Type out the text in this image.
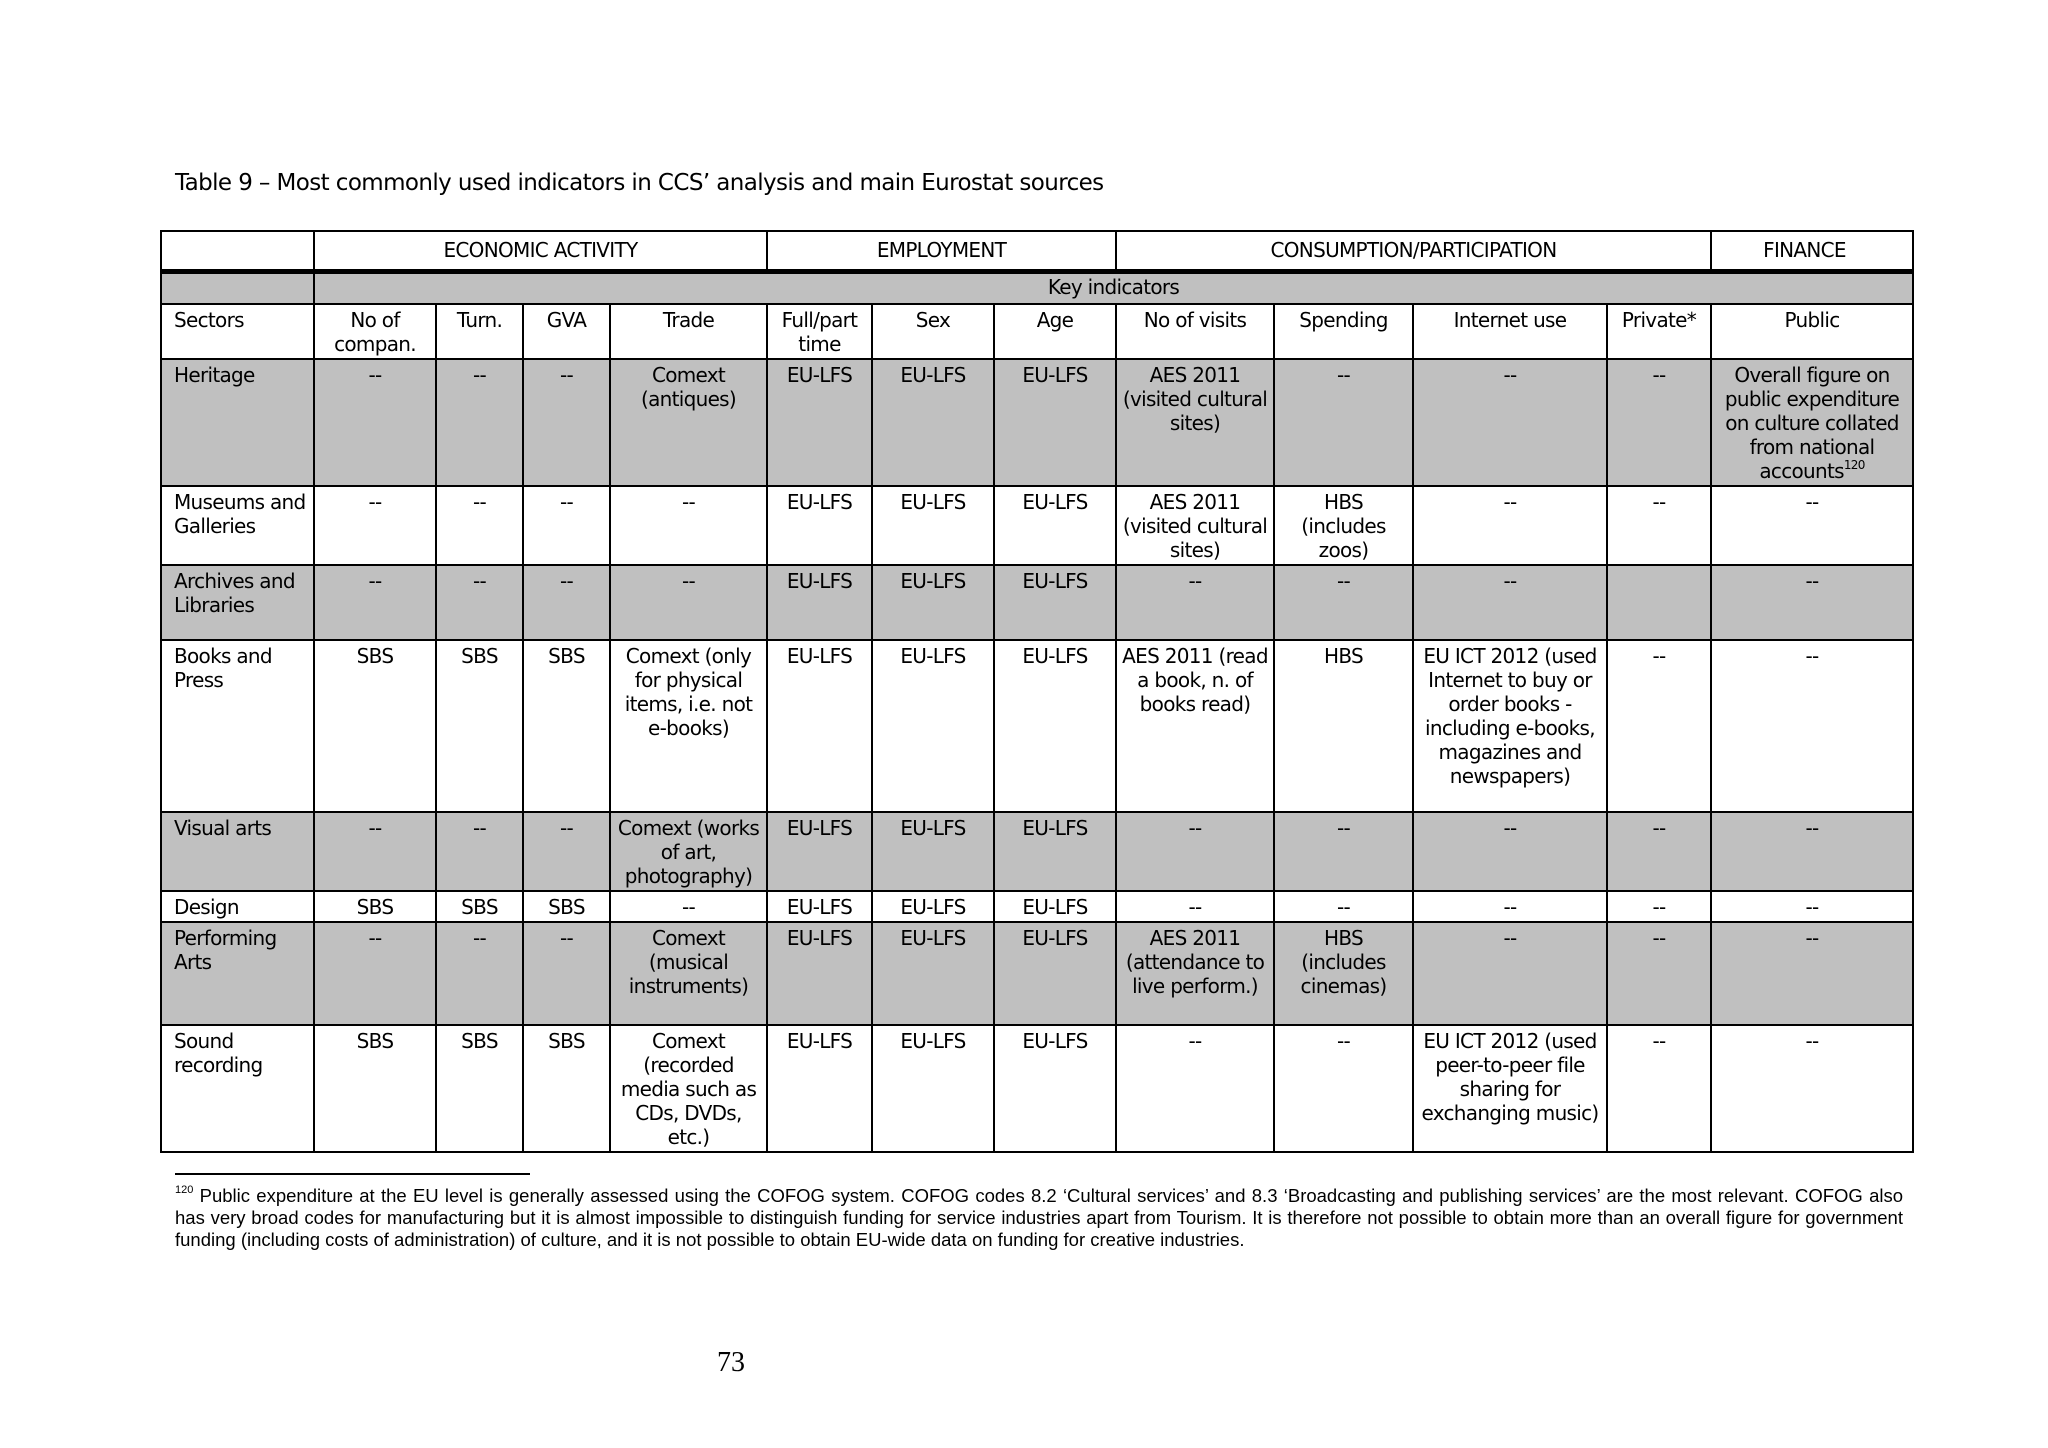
Table 9 – Most commonly used indicators in CCS’ analysis and main Eurostat sources
	ECONOMIC ACTIVITY				EMPLOYMENT			CONSUMPTION/PARTICIPATION				FINANCE
	Key indicators											
Sectors	No of compan.	Turn.	GVA	Trade	Full/part time	Sex	Age	No of visits	Spending	Internet use	Private*	Public
Heritage	--	--	--	Comext (antiques)	EU-LFS	EU-LFS	EU-LFS	AES 2011 (visited cultural sites)	--	--	--	Overall figure on public expenditure on culture collated from national accounts$^{120}$
Museums and Galleries	--	--	--	--	EU-LFS	EU-LFS	EU-LFS	AES 2011 (visited cultural sites)	HBS (includes zoos)	--	--	--
Archives and Libraries	--	--	--	--	EU-LFS	EU-LFS	EU-LFS	--	--	--		--
Books and Press	SBS	SBS	SBS	Comext (only for physical items, i.e. not e-books)	EU-LFS	EU-LFS	EU-LFS	AES 2011 (read a book, n. of books read)	HBS	EU ICT 2012 (used Internet to buy or order books - including e-books, magazines and newspapers)	--	--
Visual arts	--	--	--	Comext (works of art, photography)	EU-LFS	EU-LFS	EU-LFS	--	--	--	--	--
Design	SBS	SBS	SBS	--	EU-LFS	EU-LFS	EU-LFS	--	--	--	--	--
Performing Arts	--	--	--	Comext (musical instruments)	EU-LFS	EU-LFS	EU-LFS	AES 2011 (attendance to live perform.)	HBS (includes cinemas)	--	--	--
Sound recording	SBS	SBS	SBS	Comext (recorded media such as CDs, DVDs, etc.)	EU-LFS	EU-LFS	EU-LFS	--	--	EU ICT 2012 (used peer-to-peer file sharing for exchanging music)	--	--
$^{120}$ Public expenditure at the EU level is generally assessed using the COFOG system. COFOG codes 8.2 ‘Cultural services’ and 8.3 ‘Broadcasting and publishing services’ are the most relevant. COFOG also has very broad codes for manufacturing but it is almost impossible to distinguish funding for service industries apart from Tourism. It is therefore not possible to obtain more than an overall figure for government funding (including costs of administration) of culture, and it is not possible to obtain EU-wide data on funding for creative industries.
73
